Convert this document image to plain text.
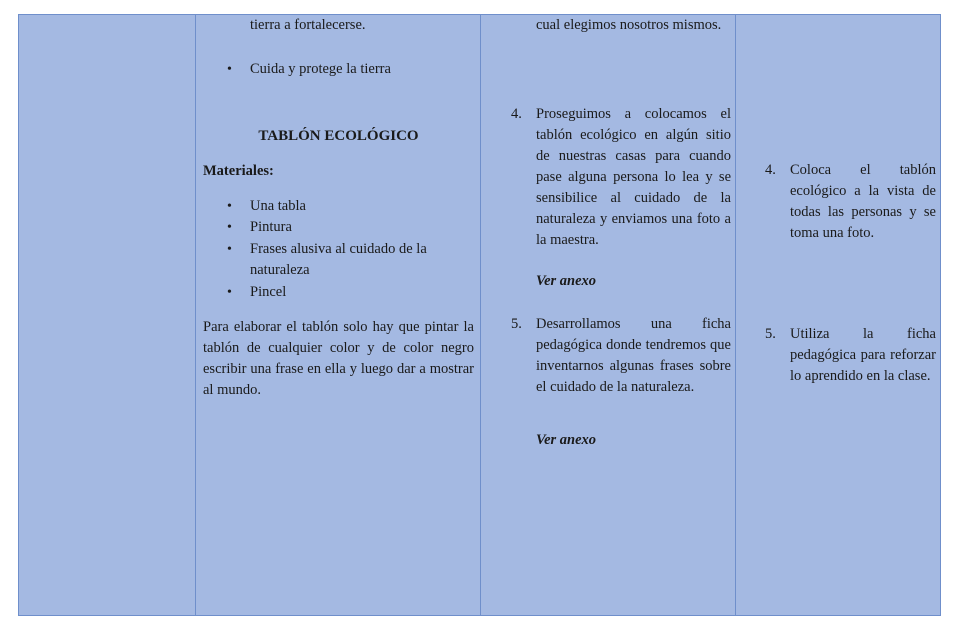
tierra a fortalecerse.
• Cuida y protege la tierra
TABLÓN ECOLÓGICO
Materiales:
• Una tabla
• Pintura
• Frases alusiva al cuidado de la naturaleza
• Pincel
Para elaborar el tablón solo hay que pintar la tablón de cualquier color y de color negro escribir una frase en ella y luego dar a mostrar al mundo.
cual elegimos nosotros mismos.
4. Proseguimos a colocamos el tablón ecológico en algún sitio de nuestras casas para cuando pase alguna persona lo lea y se sensibilice al cuidado de la naturaleza y enviamos una foto a la maestra.
Ver anexo
5. Desarrollamos una ficha pedagógica donde tendremos que inventarnos algunas frases sobre el cuidado de la naturaleza.
Ver anexo
4. Coloca el tablón ecológico a la vista de todas las personas y se toma una foto.
5. Utiliza la ficha pedagógica para reforzar lo aprendido en la clase.
